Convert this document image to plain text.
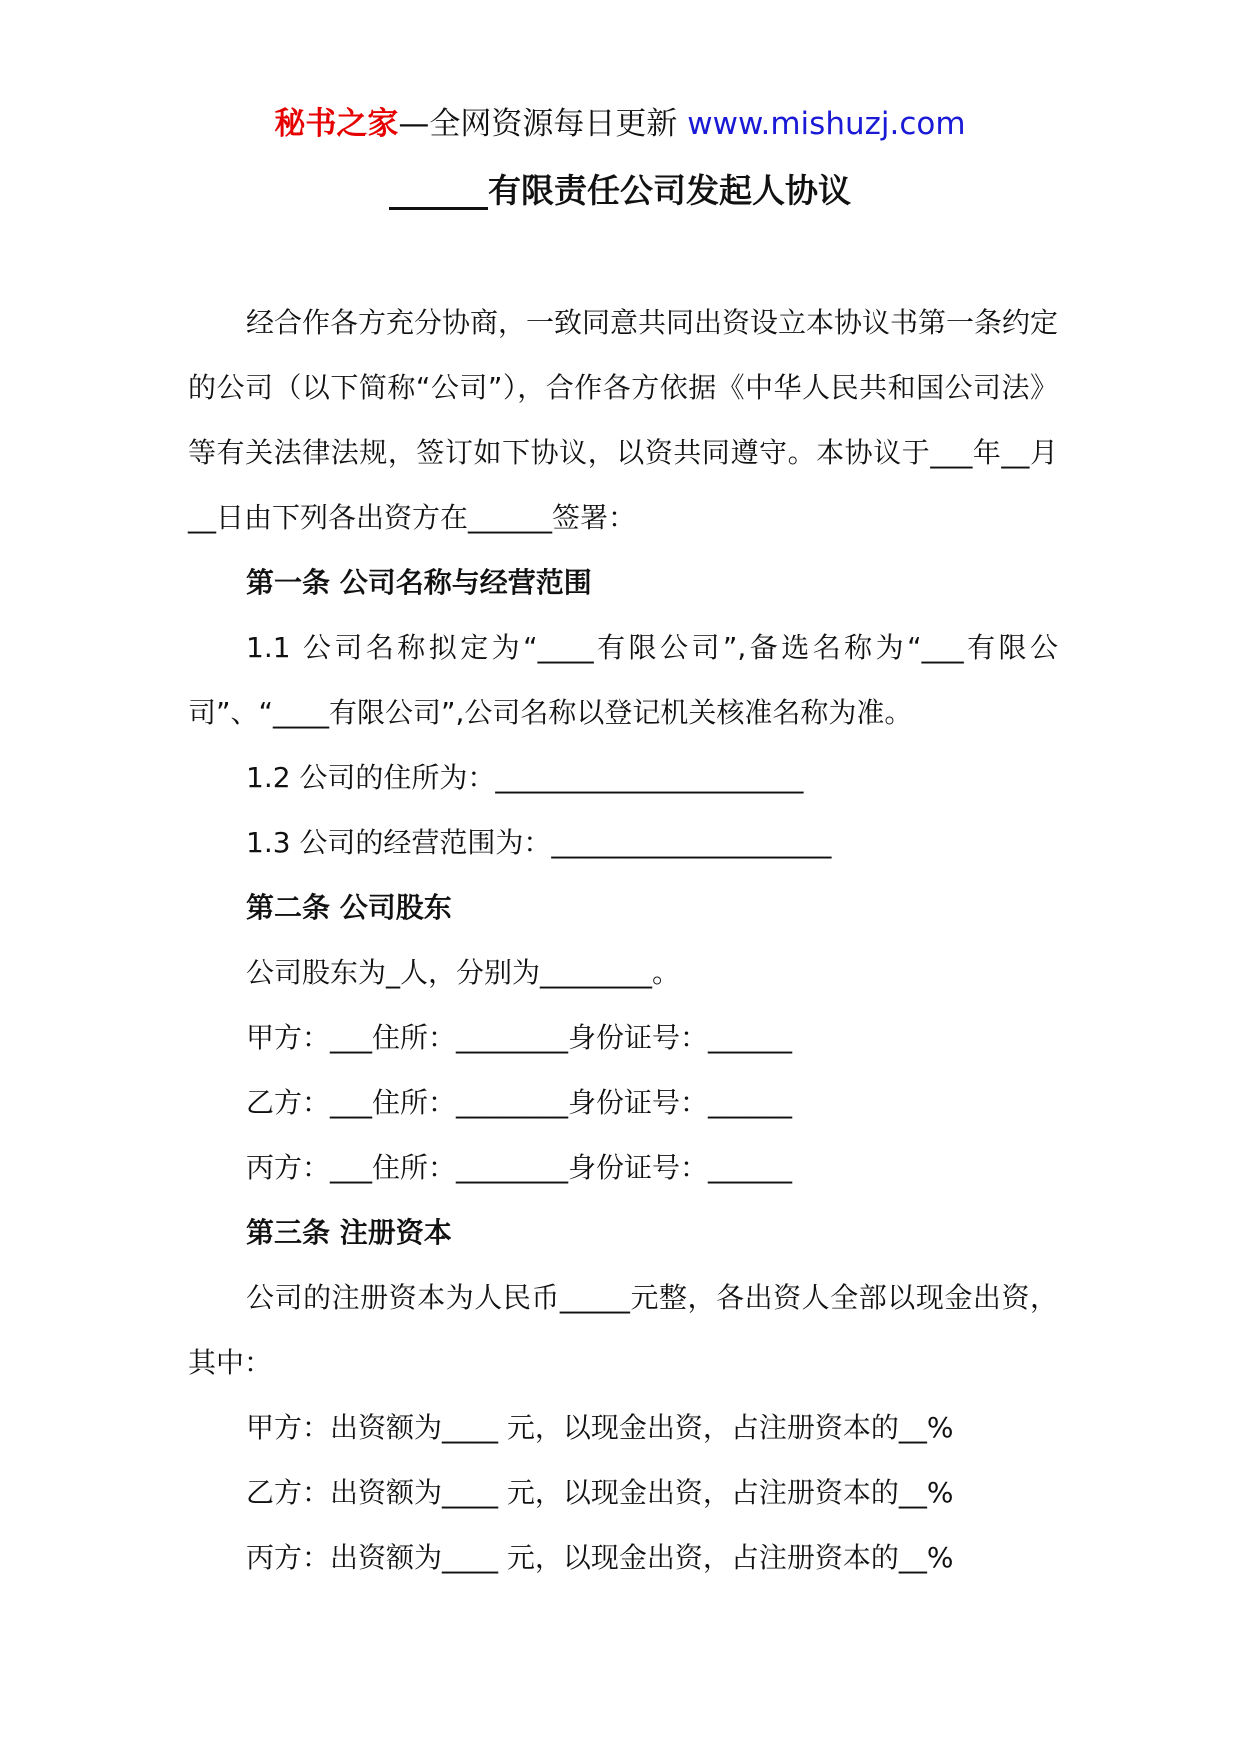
秘书之家—全网资源每日更新 www.mishuzj.com
______有限责任公司发起人协议

经合作各方充分协商，一致同意共同出资设立本协议书第一条约定的公司（以下简称“公司”），合作各方依据《中华人民共和国公司法》等有关法律法规，签订如下协议，以资共同遵守。本协议于___年__月__日由下列各出资方在______签署：

第一条 公司名称与经营范围

1.1 公司名称拟定为“____有限公司”,备选名称为“___有限公司”、“____有限公司”,公司名称以登记机关核准名称为准。

1.2 公司的住所为：______________________

1.3 公司的经营范围为：____________________

第二条 公司股东

公司股东为_人，分别为________。

甲方：___住所：________身份证号：______

乙方：___住所：________身份证号：______

丙方：___住所：________身份证号：______

第三条 注册资本

公司的注册资本为人民币_____元整，各出资人全部以现金出资，其中：

甲方：出资额为____ 元，以现金出资，占注册资本的__%

乙方：出资额为____ 元，以现金出资，占注册资本的__%

丙方：出资额为____ 元，以现金出资，占注册资本的__%
